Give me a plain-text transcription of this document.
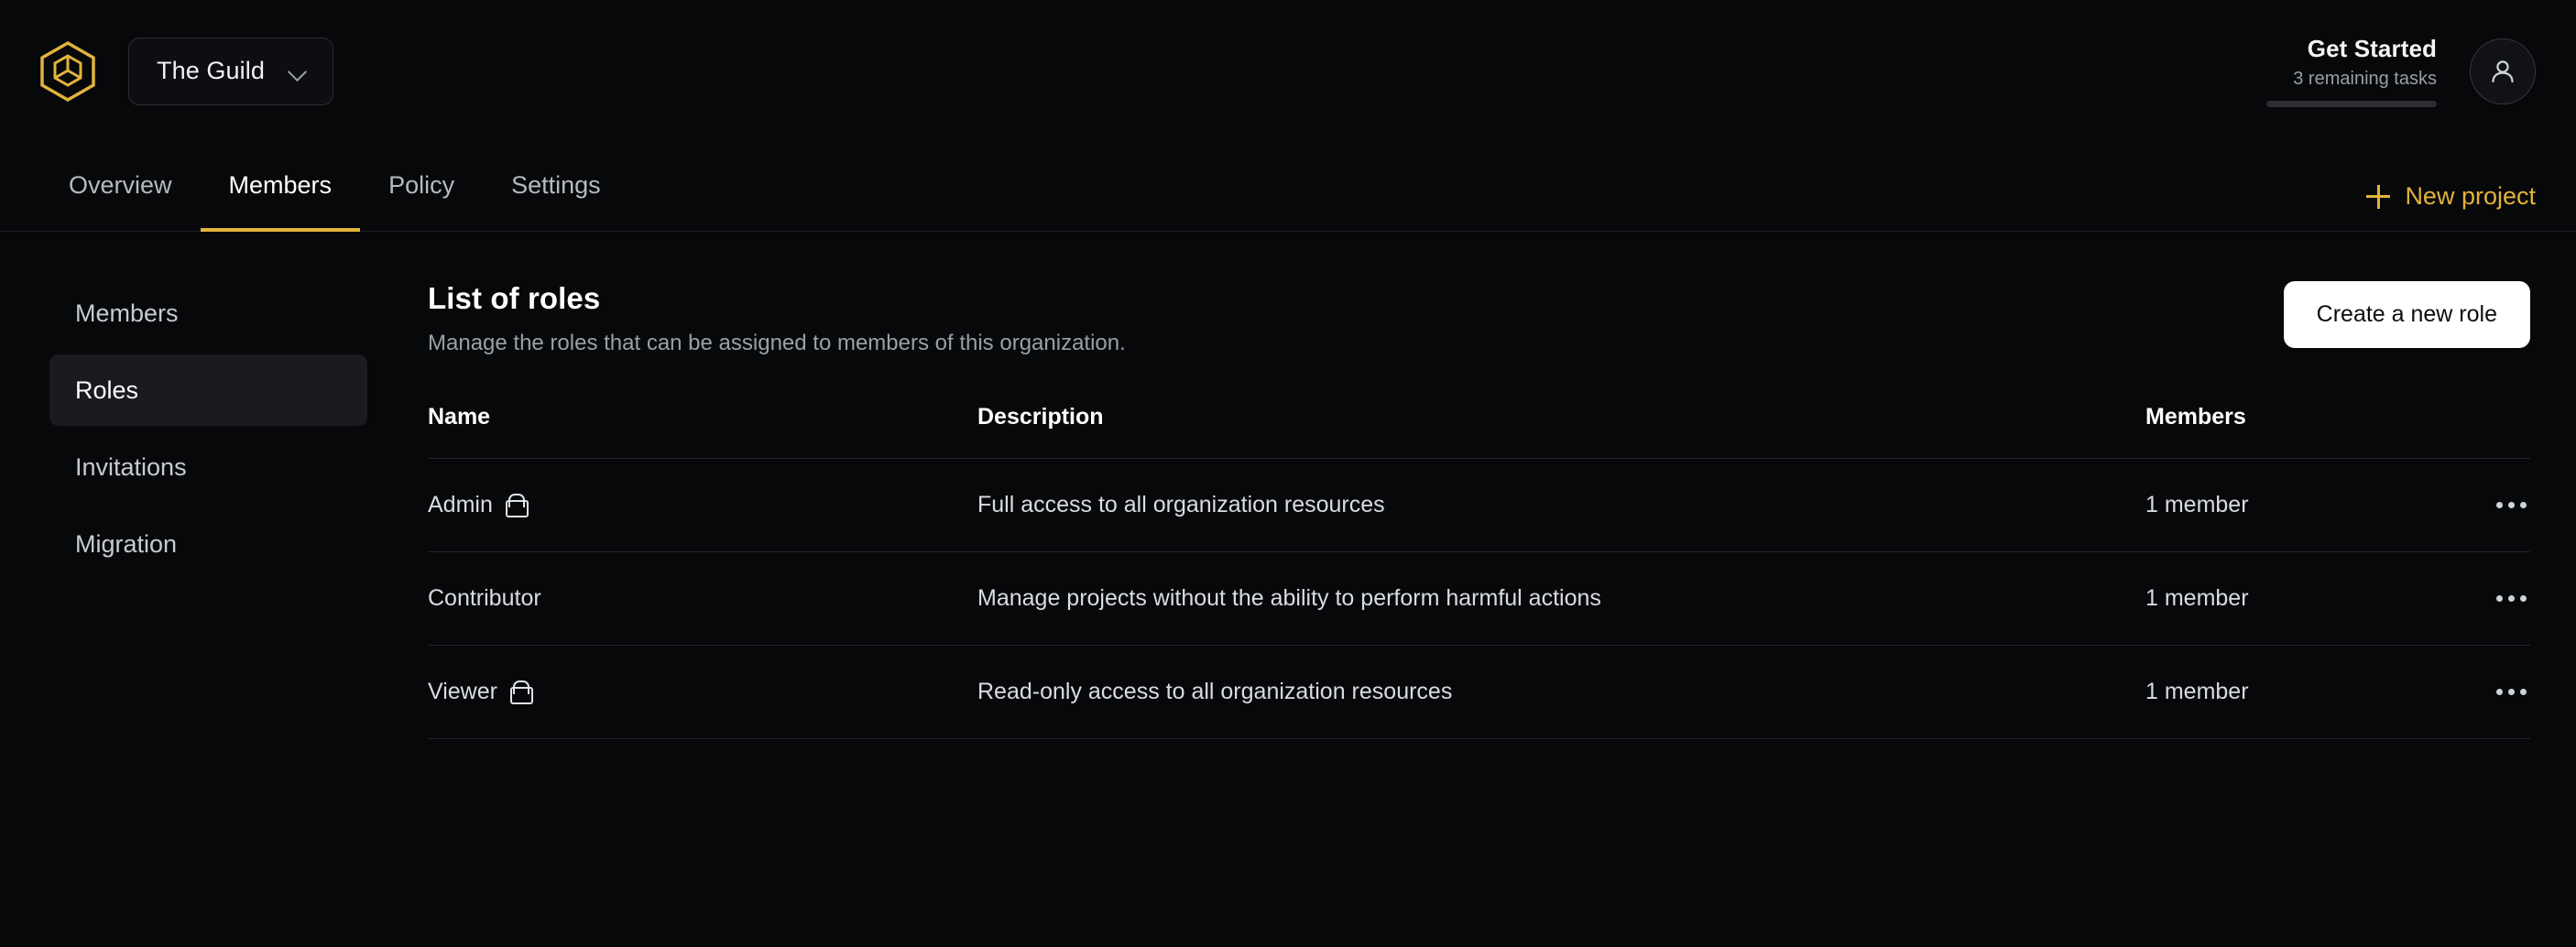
The Guild
Get Started
3 remaining tasks
Overview	Members	Policy	Settings	New project
Members
Roles
Invitations
Migration
List of roles
Manage the roles that can be assigned to members of this organization.
Create a new role
Name	Description	Members	

Admin	Full access to all organization resources	1 member	

Contributor	Manage projects without the ability to perform harmful actions	1 member	

Viewer	Read-only access to all organization resources	1 member	
